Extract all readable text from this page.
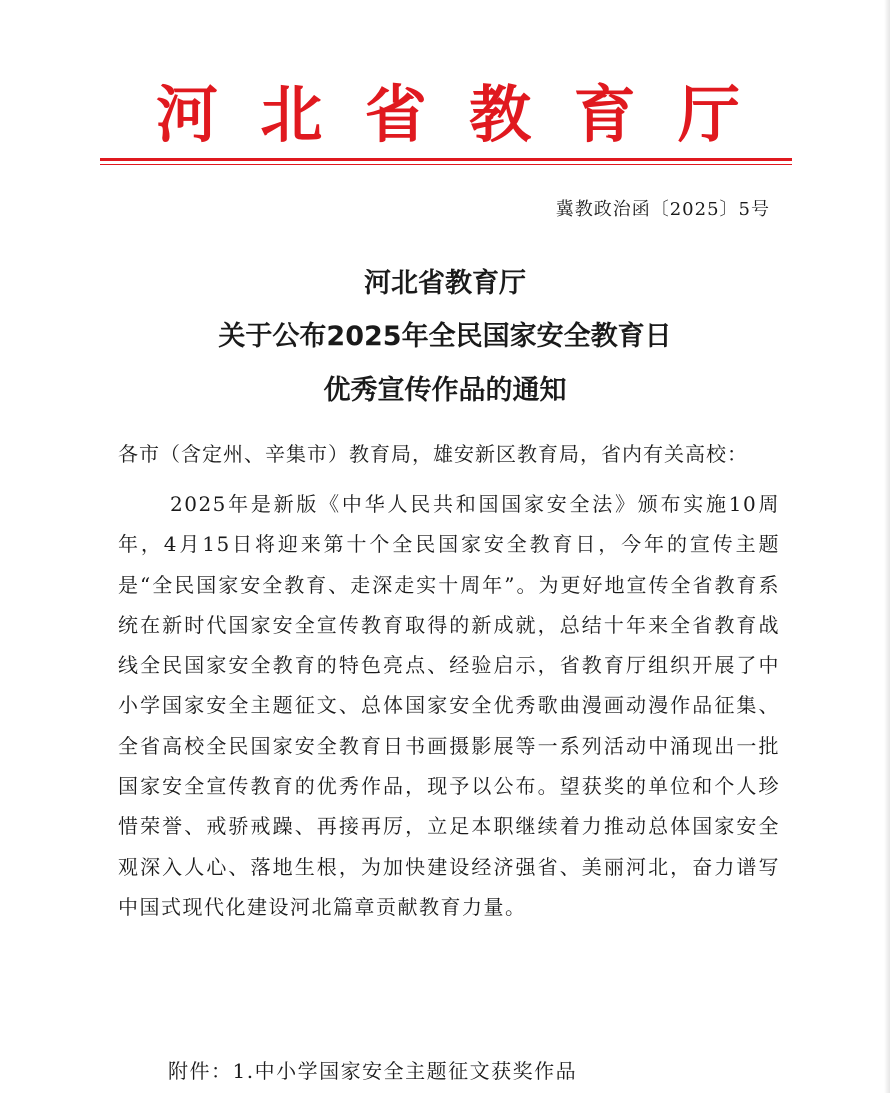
河 北 省 教 育 厅
冀教政治函〔2025〕5号
河北省教育厅
关于公布2025年全民国家安全教育日
优秀宣传作品的通知
各市（含定州、辛集市）教育局，雄安新区教育局，省内有关高校：

2025年是新版《中华人民共和国国家安全法》颁布实施10周年，4月15日将迎来第十个全民国家安全教育日，今年的宣传主题是“全民国家安全教育、走深走实十周年”。为更好地宣传全省教育系统在新时代国家安全宣传教育取得的新成就，总结十年来全省教育战线全民国家安全教育的特色亮点、经验启示，省教育厅组织开展了中小学国家安全主题征文、总体国家安全优秀歌曲漫画动漫作品征集、全省高校全民国家安全教育日书画摄影展等一系列活动中涌现出一批国家安全宣传教育的优秀作品，现予以公布。望获奖的单位和个人珍惜荣誉、戒骄戒躁、再接再厉，立足本职继续着力推动总体国家安全观深入人心、落地生根，为加快建设经济强省、美丽河北，奋力谱写中国式现代化建设河北篇章贡献教育力量。

附件：1.中小学国家安全主题征文获奖作品
